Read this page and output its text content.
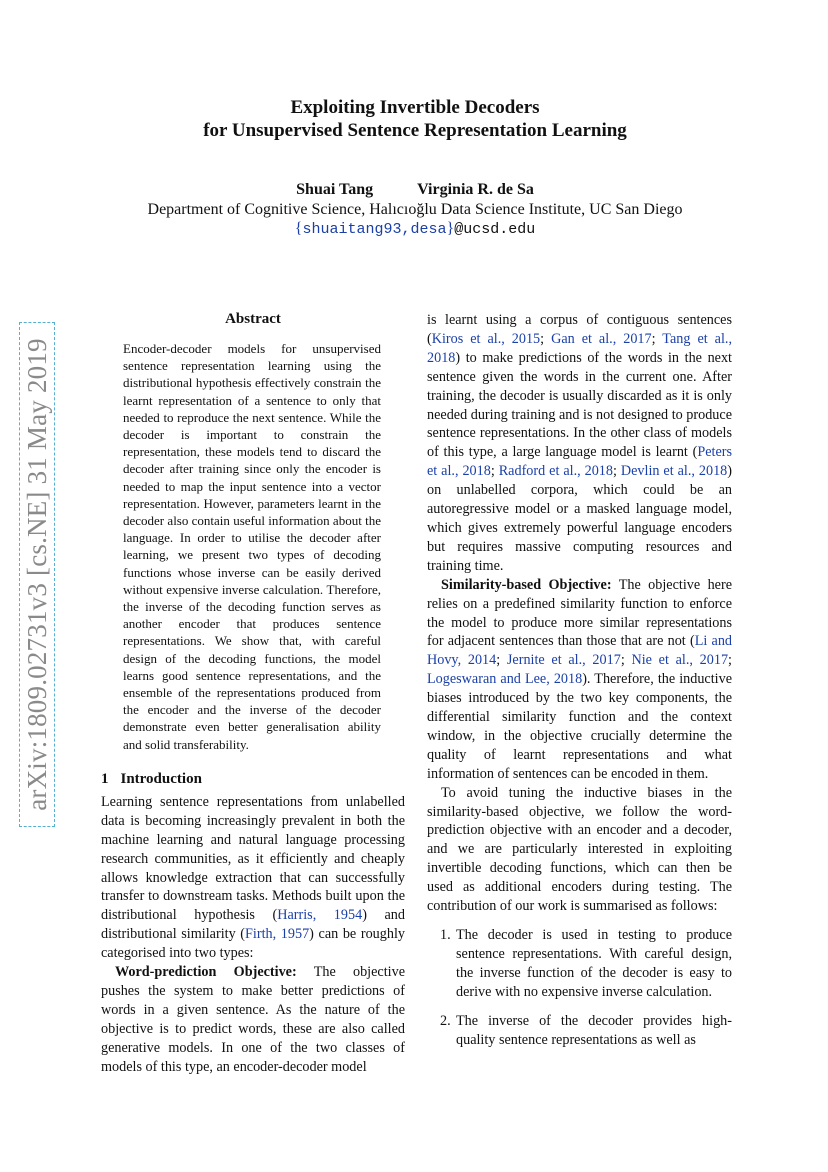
arXiv:1809.02731v3 [cs.NE] 31 May 2019
Exploiting Invertible Decoders
for Unsupervised Sentence Representation Learning
Shuai Tang	Virginia R. de Sa
Department of Cognitive Science, Halıcıoğlu Data Science Institute, UC San Diego
{shuaitang93,desa}@ucsd.edu
Abstract

Encoder-decoder models for unsupervised sentence representation learning using the distributional hypothesis effectively constrain the learnt representation of a sentence to only that needed to reproduce the next sentence. While the decoder is important to constrain the representation, these models tend to discard the decoder after training since only the encoder is needed to map the input sentence into a vector representation. However, parameters learnt in the decoder also contain useful information about the language. In order to utilise the decoder after learning, we present two types of decoding functions whose inverse can be easily derived without expensive inverse calculation. Therefore, the inverse of the decoding function serves as another encoder that produces sentence representations. We show that, with careful design of the decoding functions, the model learns good sentence representations, and the ensemble of the representations produced from the encoder and the inverse of the decoder demonstrate even better generalisation ability and solid transferability.

1 Introduction

Learning sentence representations from unlabelled data is becoming increasingly prevalent in both the machine learning and natural language processing research communities, as it efficiently and cheaply allows knowledge extraction that can successfully transfer to downstream tasks. Methods built upon the distributional hypothesis (Harris, 1954) and distributional similarity (Firth, 1957) can be roughly categorised into two types:

Word-prediction Objective: The objective pushes the system to make better predictions of words in a given sentence. As the nature of the objective is to predict words, these are also called generative models. In one of the two classes of models of this type, an encoder-decoder model

is learnt using a corpus of contiguous sentences (Kiros et al., 2015; Gan et al., 2017; Tang et al., 2018) to make predictions of the words in the next sentence given the words in the current one. After training, the decoder is usually discarded as it is only needed during training and is not designed to produce sentence representations. In the other class of models of this type, a large language model is learnt (Peters et al., 2018; Radford et al., 2018; Devlin et al., 2018) on unlabelled corpora, which could be an autoregressive model or a masked language model, which gives extremely powerful language encoders but requires massive computing resources and training time.

Similarity-based Objective: The objective here relies on a predefined similarity function to enforce the model to produce more similar representations for adjacent sentences than those that are not (Li and Hovy, 2014; Jernite et al., 2017; Nie et al., 2017; Logeswaran and Lee, 2018). Therefore, the inductive biases introduced by the two key components, the differential similarity function and the context window, in the objective crucially determine the quality of learnt representations and what information of sentences can be encoded in them.

To avoid tuning the inductive biases in the similarity-based objective, we follow the word-prediction objective with an encoder and a decoder, and we are particularly interested in exploiting invertible decoding functions, which can then be used as additional encoders during testing. The contribution of our work is summarised as follows:

1. The decoder is used in testing to produce sentence representations. With careful design, the inverse function of the decoder is easy to derive with no expensive inverse calculation.
2. The inverse of the decoder provides high-quality sentence representations as well as
